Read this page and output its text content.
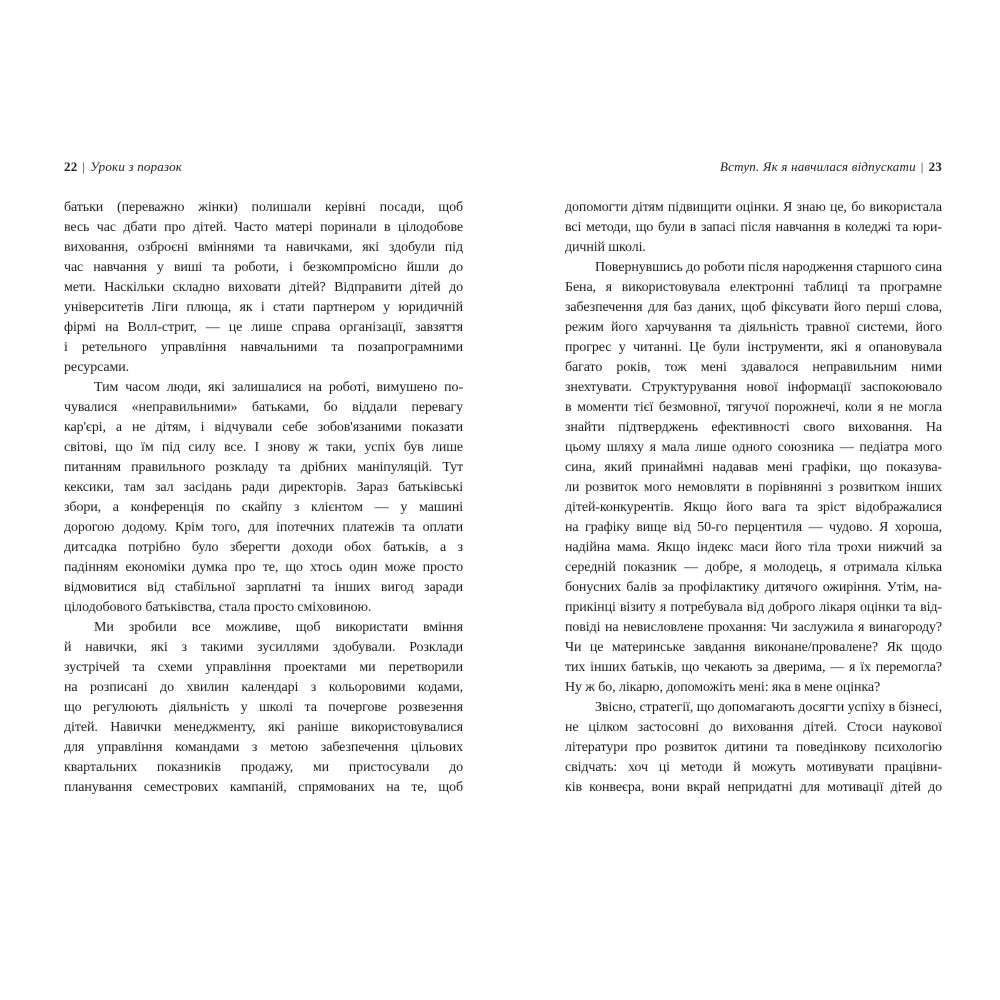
22 | Уроки з поразок
батьки (переважно жінки) полишали керівні посади, щоб
весь час дбати про дітей. Часто матері поринали в цілодобове
виховання, озброєні вміннями та навичками, які здобули під
час навчання у виші та роботи, і безкомпромісно йшли до
мети. Наскільки складно виховати дітей? Відправити дітей до
університетів Ліги плюща, як і стати партнером у юридичній
фірмі на Волл-стрит, — це лише справа організації, завзяття
і ретельного управління навчальними та позапрограмними
ресурсами.
Тим часом люди, які залишалися на роботі, вимушено по-
чувалися «неправильними» батьками, бо віддали перевагу
кар'єрі, а не дітям, і відчували себе зобов'язаними показати
світові, що їм під силу все. І знову ж таки, успіх був лише
питанням правильного розкладу та дрібних маніпуляцій. Тут
кексики, там зал засідань ради директорів. Зараз батьківські
збори, а конференція по скайпу з клієнтом — у машині
дорогою додому. Крім того, для іпотечних платежів та оплати
дитсадка потрібно було зберегти доходи обох батьків, а з
падінням економіки думка про те, що хтось один може просто
відмовитися від стабільної зарплатні та інших вигод заради
цілодобового батьківства, стала просто сміховиною.
Ми зробили все можливе, щоб використати вміння
й навички, які з такими зусиллями здобували. Розклади
зустрічей та схеми управління проектами ми перетворили
на розписані до хвилин календарі з кольоровими кодами,
що регулюють діяльність у школі та почергове розвезення
дітей. Навички менеджменту, які раніше використовувалися
для управління командами з метою забезпечення цільових
квартальних показників продажу, ми пристосували до
планування семестрових кампаній, спрямованих на те, щоб
Вступ. Як я навчилася відпускати | 23
допомогти дітям підвищити оцінки. Я знаю це, бо використала
всі методи, що були в запасі після навчання в коледжі та юри-
дичній школі.
Повернувшись до роботи після народження старшого сина
Бена, я використовувала електронні таблиці та програмне
забезпечення для баз даних, щоб фіксувати його перші слова,
режим його харчування та діяльність травної системи, його
прогрес у читанні. Це були інструменти, які я опановувала
багато років, тож мені здавалося неправильним ними
знехтувати. Структурування нової інформації заспокоювало
в моменти тієї безмовної, тягучої порожнечі, коли я не могла
знайти підтверджень ефективності свого виховання. На
цьому шляху я мала лише одного союзника — педіатра мого
сина, який принаймні надавав мені графіки, що показува-
ли розвиток мого немовляти в порівнянні з розвитком інших
дітей-конкурентів. Якщо його вага та зріст відображалися
на графіку вище від 50-го перцентиля — чудово. Я хороша,
надійна мама. Якщо індекс маси його тіла трохи нижчий за
середній показник — добре, я молодець, я отримала кілька
бонусних балів за профілактику дитячого ожиріння. Утім, на-
прикінці візиту я потребувала від доброго лікаря оцінки та від-
повіді на невисловлене прохання: Чи заслужила я винагороду?
Чи це материнське завдання виконане/провалене? Як щодо
тих інших батьків, що чекають за дверима, — я їх перемогла?
Ну ж бо, лікарю, допоможіть мені: яка в мене оцінка?
Звісно, стратегії, що допомагають досягти успіху в бізнесі,
не цілком застосовні до виховання дітей. Стоси наукової
літератури про розвиток дитини та поведінкову психологію
свідчать: хоч ці методи й можуть мотивувати працівни-
ків конвеєра, вони вкрай непридатні для мотивації дітей до
